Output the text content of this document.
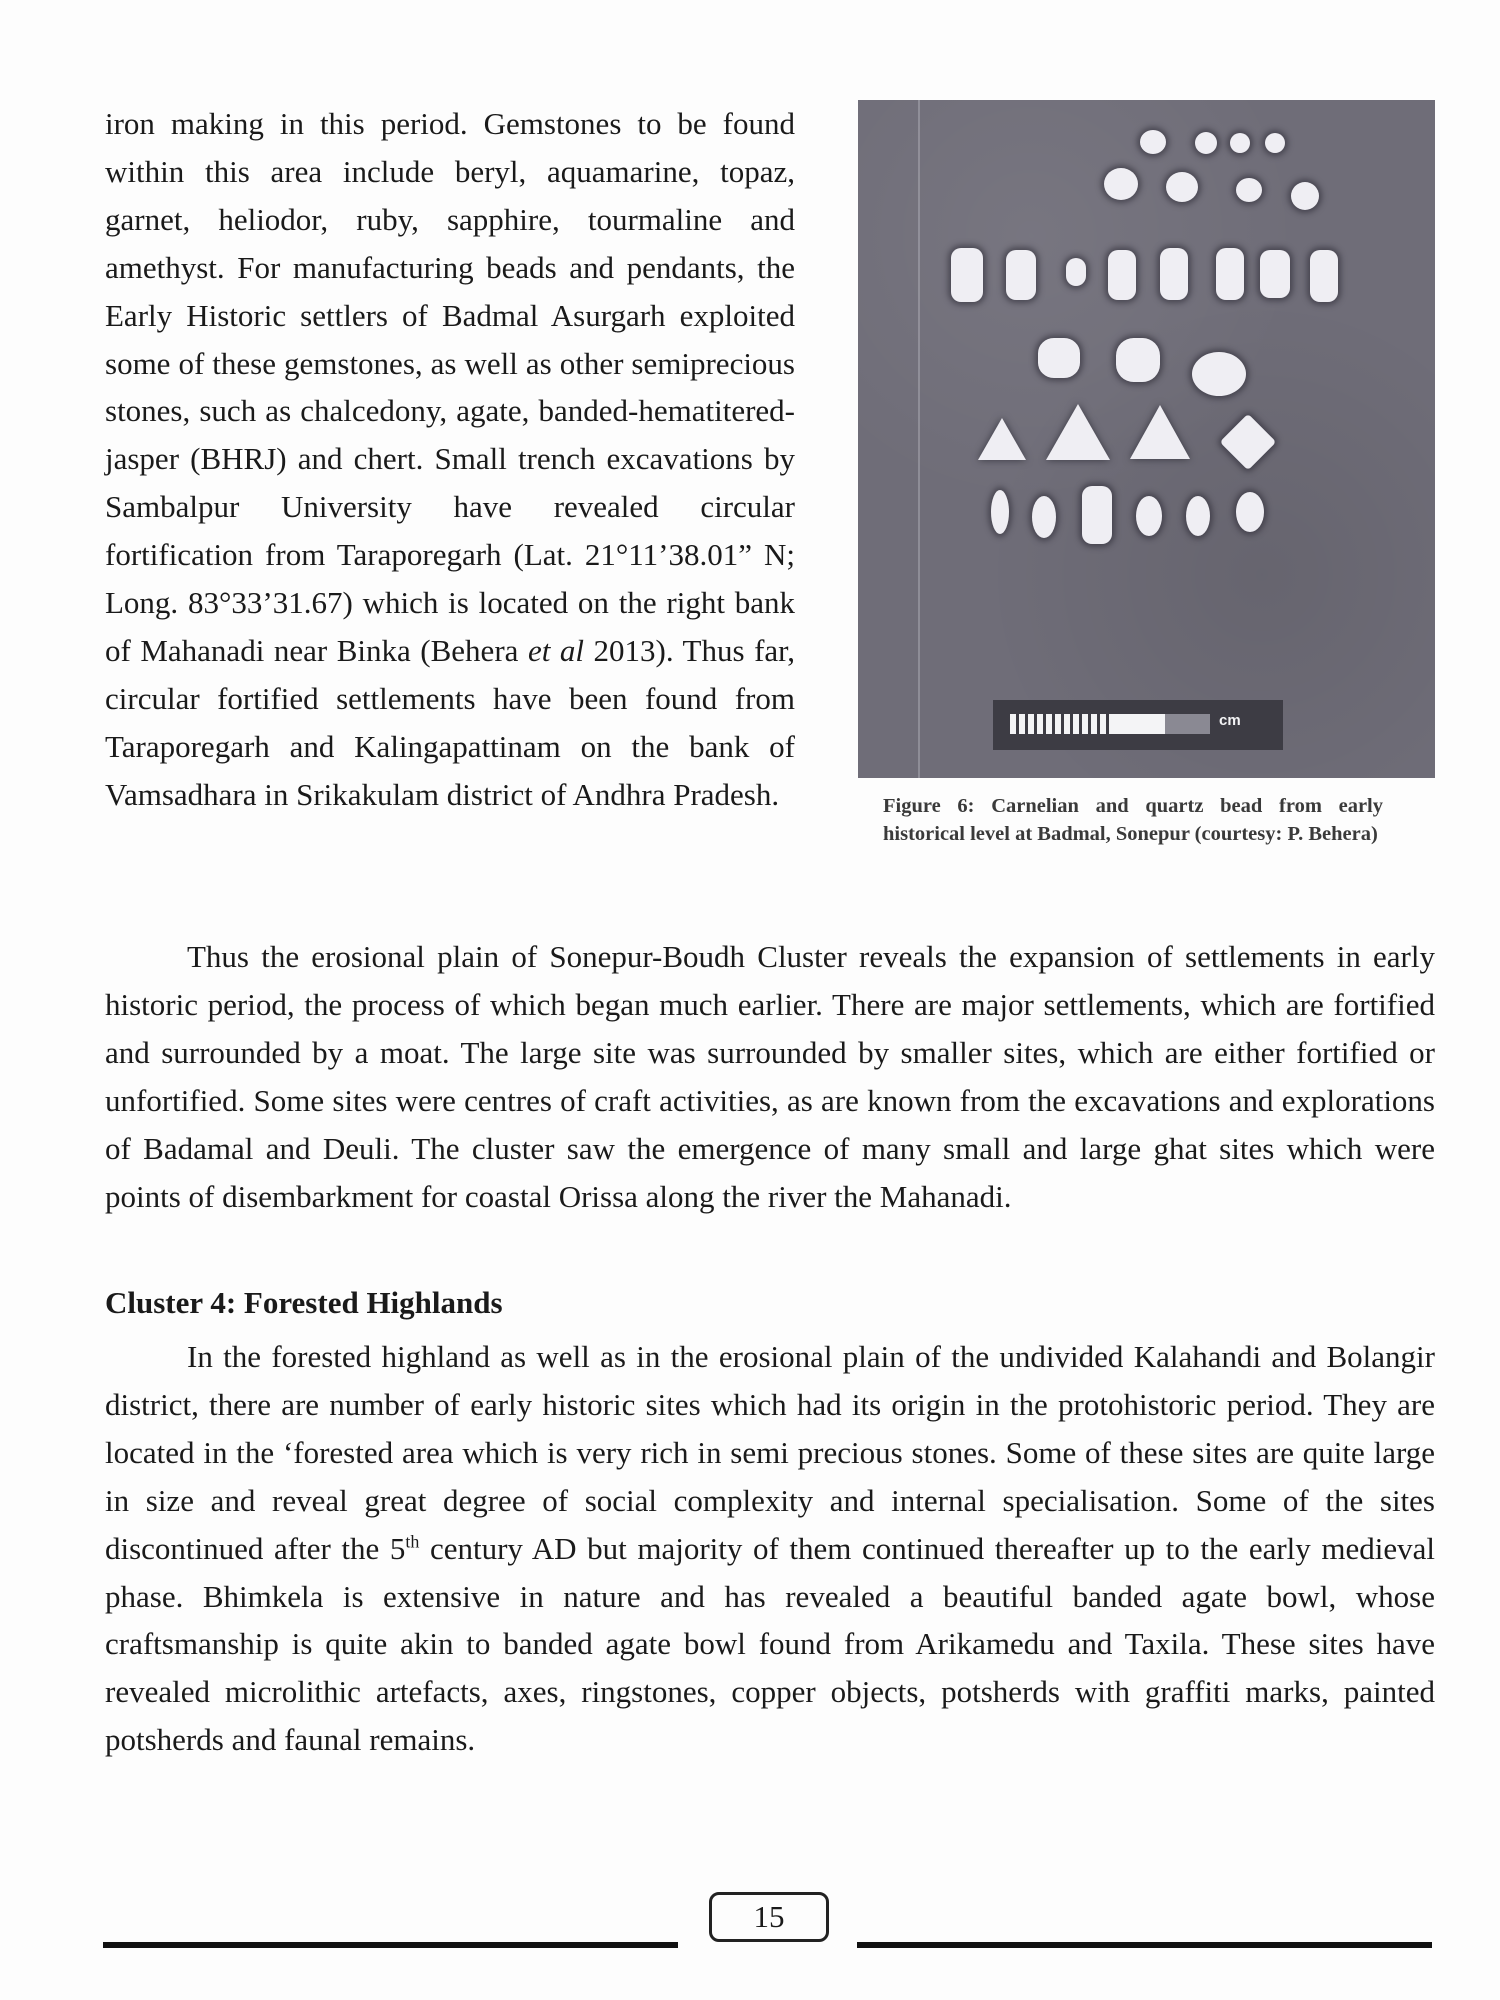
iron making in this period. Gemstones to be found within this area include beryl, aquamarine, topaz, garnet, heliodor, ruby, sapphire, tourmaline and amethyst. For manufacturing beads and pendants, the Early Historic settlers of Badmal Asurgarh exploited some of these gemstones, as well as other semiprecious stones, such as chalcedony, agate, banded-hematitered-jasper (BHRJ) and chert. Small trench excavations by Sambalpur University have revealed circular fortification from Taraporegarh (Lat. 21°11’38.01” N; Long. 83°33’31.67) which is located on the right bank of Mahanadi near Binka (Behera et al 2013). Thus far, circular fortified settlements have been found from Taraporegarh and Kalingapattinam on the bank of Vamsadhara in Srikakulam district of Andhra Pradesh.

cm
Figure 6: Carnelian and quartz bead from early historical level at Badmal, Sonepur (courtesy: P. Behera)

Thus the erosional plain of Sonepur-Boudh Cluster reveals the expansion of settlements in early historic period, the process of which began much earlier. There are major settlements, which are fortified and surrounded by a moat. The large site was surrounded by smaller sites, which are either fortified or unfortified. Some sites were centres of craft activities, as are known from the excavations and explorations of Badamal and Deuli. The cluster saw the emergence of many small and large ghat sites which were points of disembarkment for coastal Orissa along the river the Mahanadi.

Cluster 4: Forested Highlands

In the forested highland as well as in the erosional plain of the undivided Kalahandi and Bolangir district, there are number of early historic sites which had its origin in the protohistoric period. They are located in the ‘forested area which is very rich in semi precious stones. Some of these sites are quite large in size and reveal great degree of social complexity and internal specialisation. Some of the sites discontinued after the 5th century AD but majority of them continued thereafter up to the early medieval phase. Bhimkela is extensive in nature and has revealed a beautiful banded agate bowl, whose craftsmanship is quite akin to banded agate bowl found from Arikamedu and Taxila. These sites have revealed microlithic artefacts, axes, ringstones, copper objects, potsherds with graffiti marks, painted potsherds and faunal remains.

15
